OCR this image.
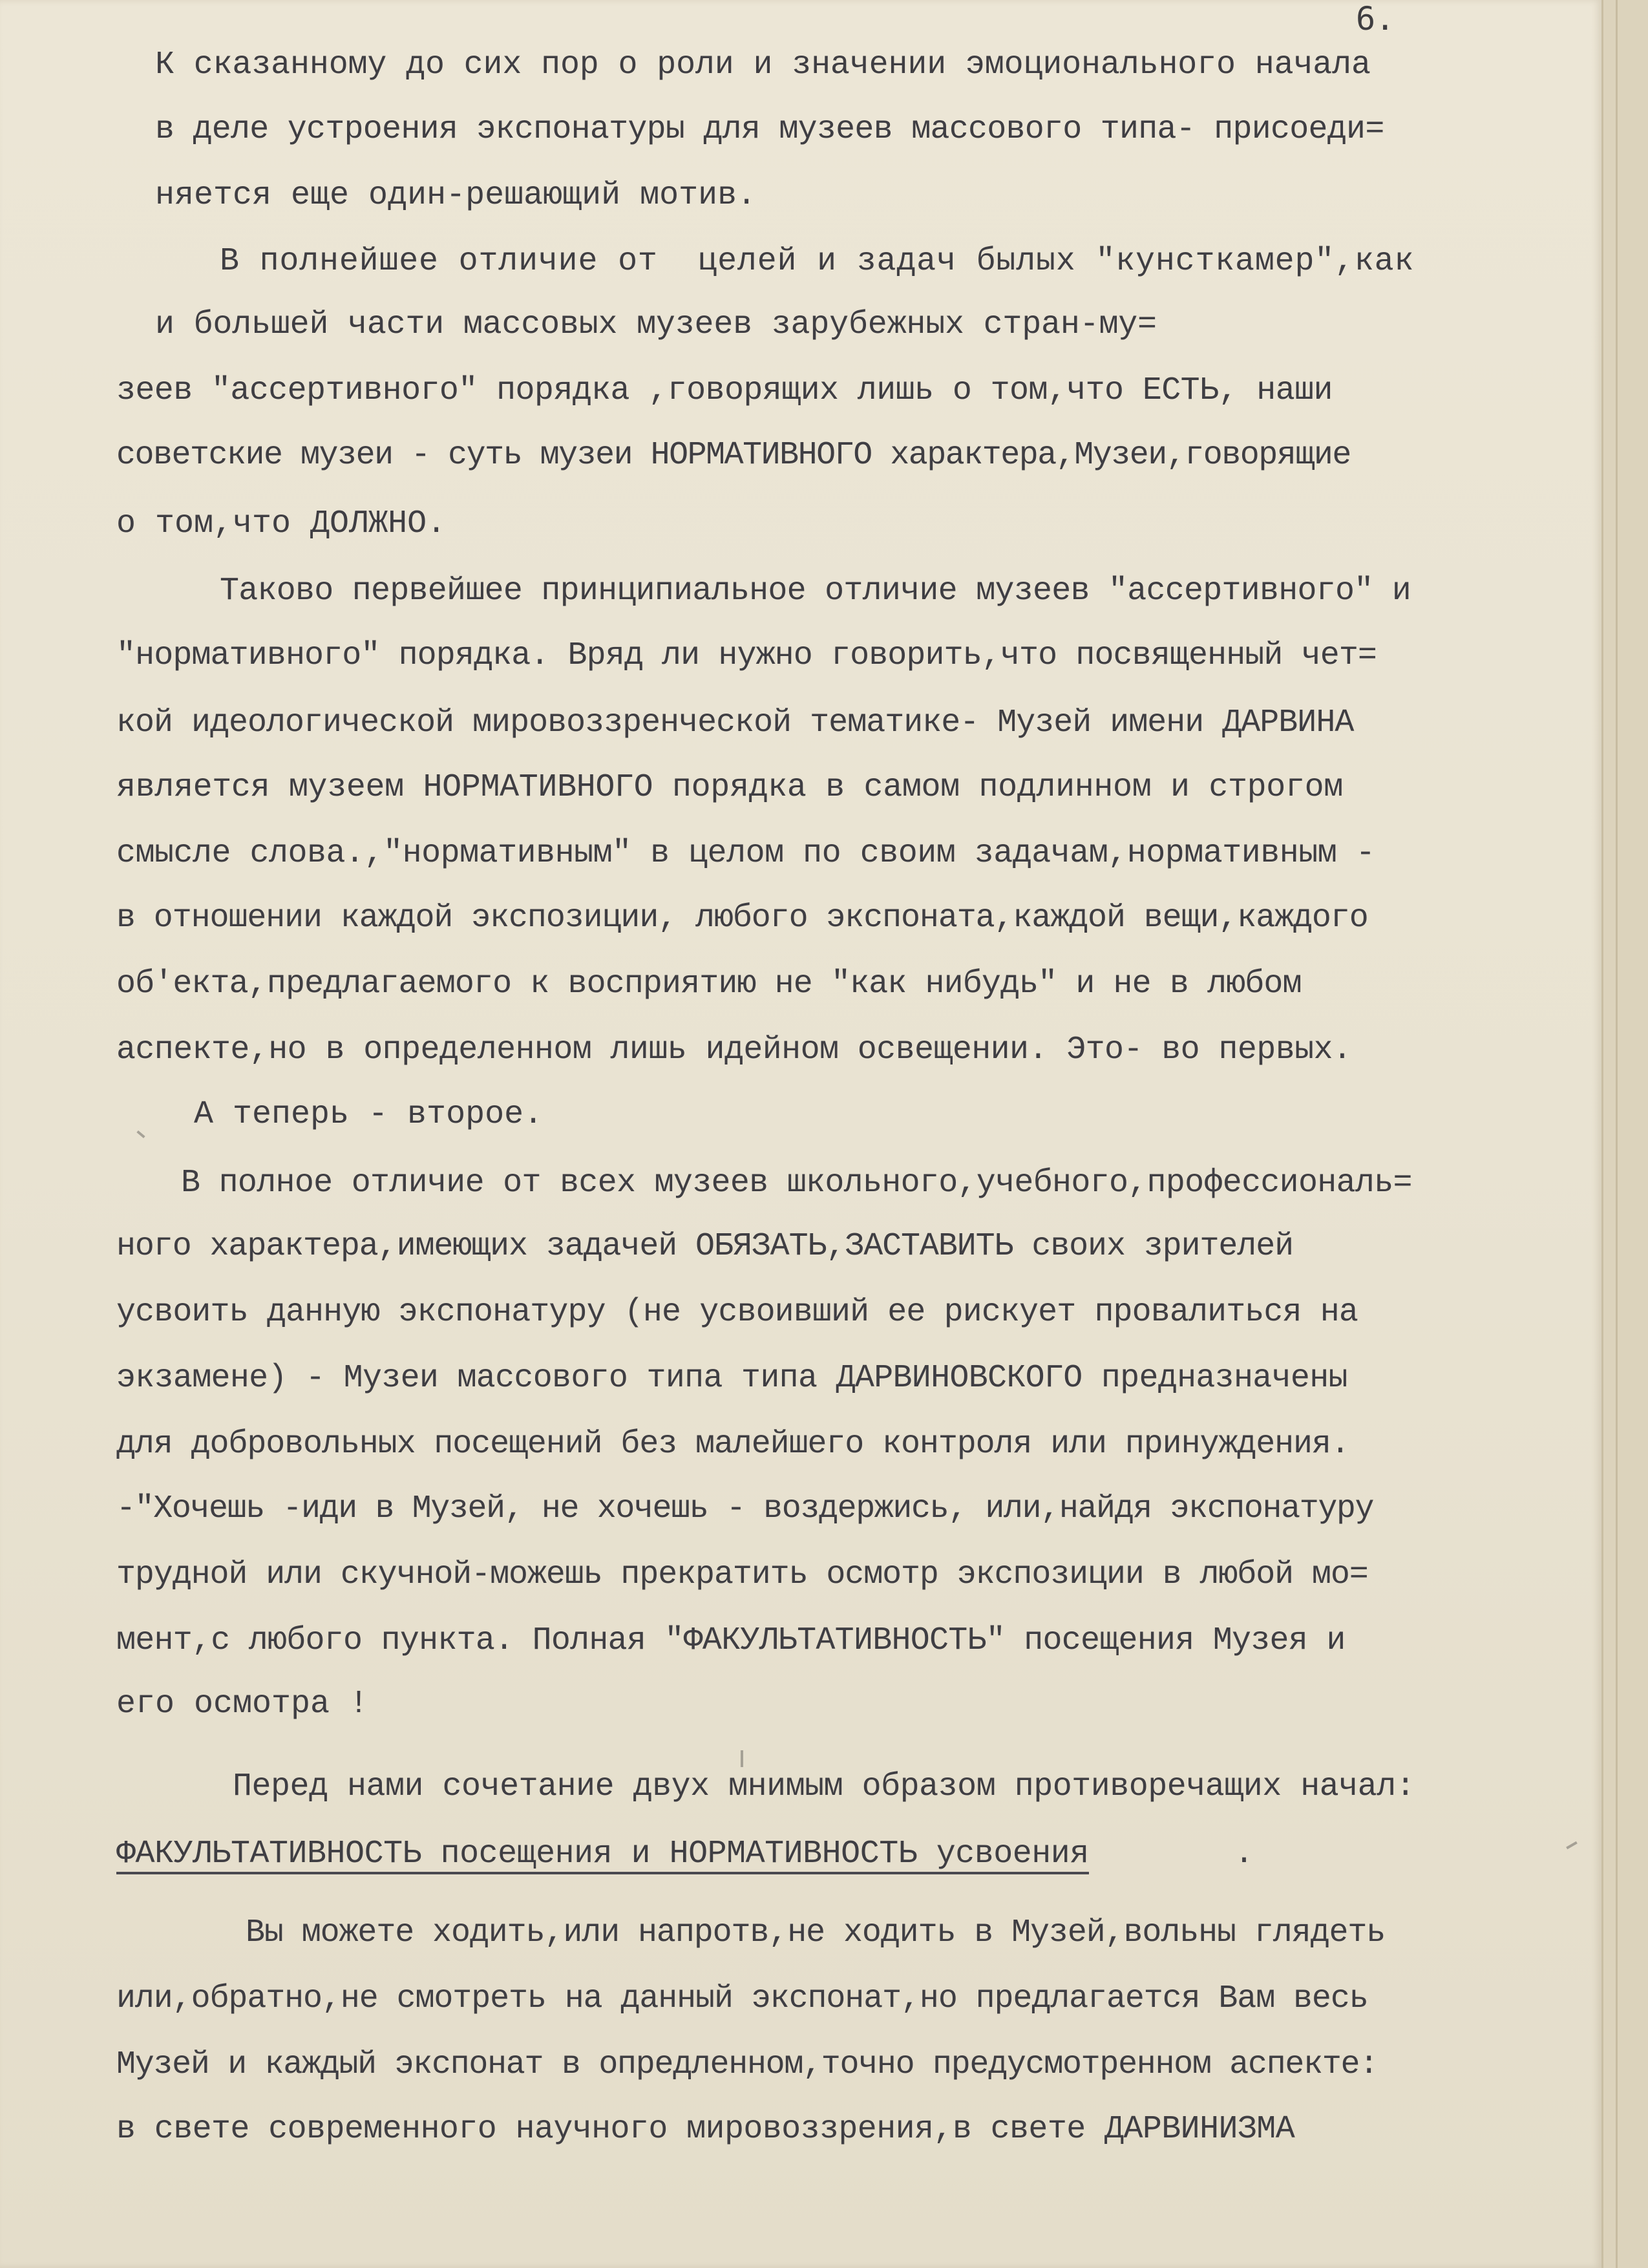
6.

К сказанному до сих пор о роли и значении эмоционального начала

в деле устроения экспонатуры для музеев массового типа- присоеди=

няется еще один-решающий мотив.

В полнейшее отличие от  целей и задач былых "кунсткамер",как

и большей части массовых музеев зарубежных стран-му=

зеев "ассертивного" порядка ,говорящих лишь о том,что ЕСТЬ, наши

советские музеи - суть музеи НОРМАТИВНОГО характера,Музеи,говорящие

о том,что ДОЛЖНО.

Таково первейшее принципиальное отличие музеев "ассертивного" и

"нормативного" порядка. Вряд ли нужно говорить,что посвященный чет=

кой идеологической мировоззренческой тематике- Музей имени ДАРВИНА

является музеем НОРМАТИВНОГО порядка в самом подлинном и строгом

смысле слова.,"нормативным" в целом по своим задачам,нормативным -

в отношении каждой экспозиции, любого экспоната,каждой вещи,каждого

об'екта,предлагаемого к восприятию не "как нибудь" и не в любом

аспекте,но в определенном лишь идейном освещении. Это- во первых.

А теперь - второе.

В полное отличие от всех музеев школьного,учебного,профессиональ=

ного характера,имеющих задачей ОБЯЗАТЬ,ЗАСТАВИТЬ своих зрителей

усвоить данную экспонатуру (не усвоивший ее рискует провалиться на

экзамене) - Музеи массового типа типа ДАРВИНОВСКОГО предназначены

для добровольных посещений без малейшего контроля или принуждения.

-"Хочешь -иди в Музей, не хочешь - воздержись, или,найдя экспонатуру

трудной или скучной-можешь прекратить осмотр экспозиции в любой мо=

мент,с любого пункта. Полная "ФАКУЛЬТАТИВНОСТЬ" посещения Музея и

его осмотра !

Перед нами сочетание двух мнимым образом противоречащих начал:

ФАКУЛЬТАТИВНОСТЬ посещения и НОРМАТИВНОСТЬ усвоения

	.

Вы можете ходить,или напротв,не ходить в Музей,вольны глядеть

или,обратно,не смотреть на данный экспонат,но предлагается Вам весь

Музей и каждый экспонат в опредленном,точно предусмотренном аспекте:

в свете современного научного мировоззрения,в свете ДАРВИНИЗМА
